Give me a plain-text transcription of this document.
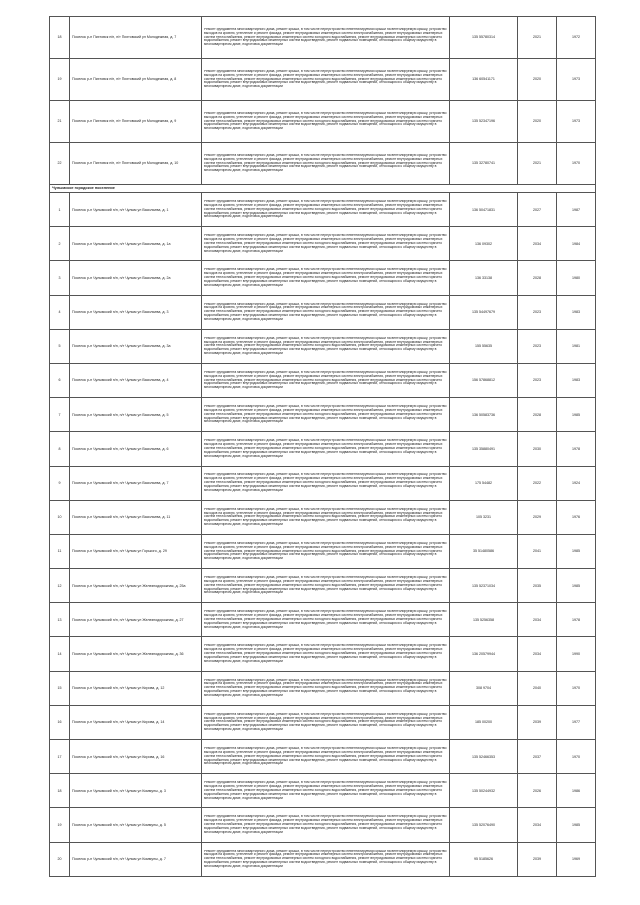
18	Поселок р-н Пихтовск п/п, п/т Пихтовский ул Молодежная, д. 7	Ремонт фундамента многоквартирного дома, ремонт крыши, в том числе переустройство невентилируемой крыши на вентилируемую крышу, устройство выходов на кровлю, утепление и ремонт фасада, ремонт внутридомовых инженерных систем электроснабжения, ремонт внутридомовых инженерных систем теплоснабжения, ремонт внутридомовых инженерных систем холодного водоснабжения, ремонт внутридомовых инженерных систем горячего водоснабжения, ремонт внутридомовых инженерных систем водоотведения, ремонт подвальных помещений, относящихся к общему имуществу в многоквартирном доме, подготовка документации	135 55780314	2021	1972
19	Поселок р-н Пихтовск п/п, п/т Пихтовский ул Молодежная, д. 8	Ремонт фундамента многоквартирного дома, ремонт крыши, в том числе переустройство невентилируемой крыши на вентилируемую крышу, устройство выходов на кровлю, утепление и ремонт фасада, ремонт внутридомовых инженерных систем электроснабжения, ремонт внутридомовых инженерных систем теплоснабжения, ремонт внутридомовых инженерных систем холодного водоснабжения, ремонт внутридомовых инженерных систем горячего водоснабжения, ремонт внутридомовых инженерных систем водоотведения, ремонт подвальных помещений, относящихся к общему имуществу в многоквартирном доме, подготовка документации	136 60541171	2020	1973
21	Поселок р-н Пихтовск п/п, п/т Пихтовский ул Молодежная, д. 9	Ремонт фундамента многоквартирного дома, ремонт крыши, в том числе переустройство невентилируемой крыши на вентилируемую крышу, устройство выходов на кровлю, утепление и ремонт фасада, ремонт внутридомовых инженерных систем электроснабжения, ремонт внутридомовых инженерных систем теплоснабжения, ремонт внутридомовых инженерных систем холодного водоснабжения, ремонт внутридомовых инженерных систем горячего водоснабжения, ремонт внутридомовых инженерных систем водоотведения, ремонт подвальных помещений, относящихся к общему имуществу в многоквартирном доме, подготовка документации	135 52347196	2020	1973
22	Поселок р-н Пихтовск п/п, п/т Пихтовский ул Молодежная, д. 10	Ремонт фундамента многоквартирного дома, ремонт крыши, в том числе переустройство невентилируемой крыши на вентилируемую крышу, устройство выходов на кровлю, утепление и ремонт фасада, ремонт внутридомовых инженерных систем электроснабжения, ремонт внутридомовых инженерных систем теплоснабжения, ремонт внутридомовых инженерных систем холодного водоснабжения, ремонт внутридомовых инженерных систем горячего водоснабжения, ремонт внутридомовых инженерных систем водоотведения, ремонт подвальных помещений, относящихся к общему имуществу в многоквартирном доме, подготовка документации	135 32780741	2021	1970
Чулымское городское поселение					
1	Поселок р-н Чулымский п/п, п/т Чулым ул Васильева, д. 1	Ремонт фундамента многоквартирного дома, ремонт крыши, в том числе переустройство невентилируемой крыши на вентилируемую крышу, устройство выходов на кровлю, утепление и ремонт фасада, ремонт внутридомовых инженерных систем электроснабжения, ремонт внутридомовых инженерных систем теплоснабжения, ремонт внутридомовых инженерных систем холодного водоснабжения, ремонт внутридомовых инженерных систем горячего водоснабжения, ремонт внутридомовых инженерных систем водоотведения, ремонт подвальных помещений, относящихся к общему имуществу в многоквартирном доме, подготовка документации	136 50471831	2027	1987
2	Поселок р-н Чулымский п/п, п/т Чулым ул Васильева, д. 1а	Ремонт фундамента многоквартирного дома, ремонт крыши, в том числе переустройство невентилируемой крыши на вентилируемую крышу, устройство выходов на кровлю, утепление и ремонт фасада, ремонт внутридомовых инженерных систем электроснабжения, ремонт внутридомовых инженерных систем теплоснабжения, ремонт внутридомовых инженерных систем холодного водоснабжения, ремонт внутридомовых инженерных систем горячего водоснабжения, ремонт внутридомовых инженерных систем водоотведения, ремонт подвальных помещений, относящихся к общему имуществу в многоквартирном доме, подготовка документации	136 09302	2034	1984
3	Поселок р-н Чулымский п/п, п/т Чулым ул Васильева, д. 2а	Ремонт фундамента многоквартирного дома, ремонт крыши, в том числе переустройство невентилируемой крыши на вентилируемую крышу, устройство выходов на кровлю, утепление и ремонт фасада, ремонт внутридомовых инженерных систем электроснабжения, ремонт внутридомовых инженерных систем теплоснабжения, ремонт внутридомовых инженерных систем холодного водоснабжения, ремонт внутридомовых инженерных систем горячего водоснабжения, ремонт внутридомовых инженерных систем водоотведения, ремонт подвальных помещений, относящихся к общему имуществу в многоквартирном доме, подготовка документации	136 33138	2028	1980
4	Поселок р-н Чулымский п/п, п/т Чулым ул Васильева, д. 3	Ремонт фундамента многоквартирного дома, ремонт крыши, в том числе переустройство невентилируемой крыши на вентилируемую крышу, устройство выходов на кровлю, утепление и ремонт фасада, ремонт внутридомовых инженерных систем электроснабжения, ремонт внутридомовых инженерных систем теплоснабжения, ремонт внутридомовых инженерных систем холодного водоснабжения, ремонт внутридомовых инженерных систем горячего водоснабжения, ремонт внутридомовых инженерных систем водоотведения, ремонт подвальных помещений, относящихся к общему имуществу в многоквартирном доме, подготовка документации	135 54497679	2023	1983
5	Поселок р-н Чулымский п/п, п/т Чулым ул Васильева, д. 3а	Ремонт фундамента многоквартирного дома, ремонт крыши, в том числе переустройство невентилируемой крыши на вентилируемую крышу, устройство выходов на кровлю, утепление и ремонт фасада, ремонт внутридомовых инженерных систем электроснабжения, ремонт внутридомовых инженерных систем теплоснабжения, ремонт внутридомовых инженерных систем холодного водоснабжения, ремонт внутридомовых инженерных систем горячего водоснабжения, ремонт внутридомовых инженерных систем водоотведения, ремонт подвальных помещений, относящихся к общему имуществу в многоквартирном доме, подготовка документации	155 55635	2023	1981
6	Поселок р-н Чулымский п/п, п/т Чулым ул Васильева, д. 4	Ремонт фундамента многоквартирного дома, ремонт крыши, в том числе переустройство невентилируемой крыши на вентилируемую крышу, устройство выходов на кровлю, утепление и ремонт фасада, ремонт внутридомовых инженерных систем электроснабжения, ремонт внутридомовых инженерных систем теплоснабжения, ремонт внутридомовых инженерных систем холодного водоснабжения, ремонт внутридомовых инженерных систем горячего водоснабжения, ремонт внутридомовых инженерных систем водоотведения, ремонт подвальных помещений, относящихся к общему имуществу в многоквартирном доме, подготовка документации	156 57868812	2023	1983
7	Поселок р-н Чулымский п/п, п/т Чулым ул Васильева, д. 5	Ремонт фундамента многоквартирного дома, ремонт крыши, в том числе переустройство невентилируемой крыши на вентилируемую крышу, устройство выходов на кровлю, утепление и ремонт фасада, ремонт внутридомовых инженерных систем электроснабжения, ремонт внутридомовых инженерных систем теплоснабжения, ремонт внутридомовых инженерных систем холодного водоснабжения, ремонт внутридомовых инженерных систем горячего водоснабжения, ремонт внутридомовых инженерных систем водоотведения, ремонт подвальных помещений, относящихся к общему имуществу в многоквартирном доме, подготовка документации	136 50583736	2028	1985
8	Поселок р-н Чулымский п/п, п/т Чулым ул Васильева, д. 6	Ремонт фундамента многоквартирного дома, ремонт крыши, в том числе переустройство невентилируемой крыши на вентилируемую крышу, устройство выходов на кровлю, утепление и ремонт фасада, ремонт внутридомовых инженерных систем электроснабжения, ремонт внутридомовых инженерных систем теплоснабжения, ремонт внутридомовых инженерных систем холодного водоснабжения, ремонт внутридомовых инженерных систем горячего водоснабжения, ремонт внутридомовых инженерных систем водоотведения, ремонт подвальных помещений, относящихся к общему имуществу в многоквартирном доме, подготовка документации	135 35880491	2030	1978
9	Поселок р-н Чулымский п/п, п/т Чулым ул Васильева, д. 7	Ремонт фундамента многоквартирного дома, ремонт крыши, в том числе переустройство невентилируемой крыши на вентилируемую крышу, устройство выходов на кровлю, утепление и ремонт фасада, ремонт внутридомовых инженерных систем электроснабжения, ремонт внутридомовых инженерных систем теплоснабжения, ремонт внутридомовых инженерных систем холодного водоснабжения, ремонт внутридомовых инженерных систем горячего водоснабжения, ремонт внутридомовых инженерных систем водоотведения, ремонт подвальных помещений, относящихся к общему имуществу в многоквартирном доме, подготовка документации	175 54482	2022	1924
10	Поселок р-н Чулымский п/п, п/т Чулым ул Васильева, д. 11	Ремонт фундамента многоквартирного дома, ремонт крыши, в том числе переустройство невентилируемой крыши на вентилируемую крышу, устройство выходов на кровлю, утепление и ремонт фасада, ремонт внутридомовых инженерных систем электроснабжения, ремонт внутридомовых инженерных систем теплоснабжения, ремонт внутридомовых инженерных систем холодного водоснабжения, ремонт внутридомовых инженерных систем горячего водоснабжения, ремонт внутридомовых инженерных систем водоотведения, ремонт подвальных помещений, относящихся к общему имуществу в многоквартирном доме, подготовка документации	105 3231	2029	1976
11	Поселок р-н Чулымский п/п, п/т Чулым ул Горького, д. 29	Ремонт фундамента многоквартирного дома, ремонт крыши, в том числе переустройство невентилируемой крыши на вентилируемую крышу, устройство выходов на кровлю, утепление и ремонт фасада, ремонт внутридомовых инженерных систем электроснабжения, ремонт внутридомовых инженерных систем теплоснабжения, ремонт внутридомовых инженерных систем холодного водоснабжения, ремонт внутридомовых инженерных систем горячего водоснабжения, ремонт внутридомовых инженерных систем водоотведения, ремонт подвальных помещений, относящихся к общему имуществу в многоквартирном доме, подготовка документации	35 51480586	2041	1985
12	Поселок р-н Чулымский п/п, п/т Чулым ул Железнодорожная, д. 25а	Ремонт фундамента многоквартирного дома, ремонт крыши, в том числе переустройство невентилируемой крыши на вентилируемую крышу, устройство выходов на кровлю, утепление и ремонт фасада, ремонт внутридомовых инженерных систем электроснабжения, ремонт внутридомовых инженерных систем теплоснабжения, ремонт внутридомовых инженерных систем холодного водоснабжения, ремонт внутридомовых инженерных систем горячего водоснабжения, ремонт внутридомовых инженерных систем водоотведения, ремонт подвальных помещений, относящихся к общему имуществу в многоквартирном доме, подготовка документации	135 52371034	2035	1985
13	Поселок р-н Чулымский п/п, п/т Чулым ул Железнодорожная, д. 27	Ремонт фундамента многоквартирного дома, ремонт крыши, в том числе переустройство невентилируемой крыши на вентилируемую крышу, устройство выходов на кровлю, утепление и ремонт фасада, ремонт внутридомовых инженерных систем электроснабжения, ремонт внутридомовых инженерных систем теплоснабжения, ремонт внутридомовых инженерных систем холодного водоснабжения, ремонт внутридомовых инженерных систем горячего водоснабжения, ремонт внутридомовых инженерных систем водоотведения, ремонт подвальных помещений, относящихся к общему имуществу в многоквартирном доме, подготовка документации	135 5256358	2034	1978
14	Поселок р-н Чулымский п/п, п/т Чулым ул Железнодорожная, д. 36	Ремонт фундамента многоквартирного дома, ремонт крыши, в том числе переустройство невентилируемой крыши на вентилируемую крышу, устройство выходов на кровлю, утепление и ремонт фасада, ремонт внутридомовых инженерных систем электроснабжения, ремонт внутридомовых инженерных систем теплоснабжения, ремонт внутридомовых инженерных систем холодного водоснабжения, ремонт внутридомовых инженерных систем горячего водоснабжения, ремонт внутридомовых инженерных систем водоотведения, ремонт подвальных помещений, относящихся к общему имуществу в многоквартирном доме, подготовка документации	136 20579944	2034	1990
15	Поселок р-н Чулымский п/п, п/т Чулым ул Кирова, д. 12	Ремонт фундамента многоквартирного дома, ремонт крыши, в том числе переустройство невентилируемой крыши на вентилируемую крышу, устройство выходов на кровлю, утепление и ремонт фасада, ремонт внутридомовых инженерных систем электроснабжения, ремонт внутридомовых инженерных систем теплоснабжения, ремонт внутридомовых инженерных систем холодного водоснабжения, ремонт внутридомовых инженерных систем горячего водоснабжения, ремонт внутридомовых инженерных систем водоотведения, ремонт подвальных помещений, относящихся к общему имуществу в многоквартирном доме, подготовка документации	308 9704	2040	1970
16	Поселок р-н Чулымский п/п, п/т Чулым ул Кирова, д. 14	Ремонт фундамента многоквартирного дома, ремонт крыши, в том числе переустройство невентилируемой крыши на вентилируемую крышу, устройство выходов на кровлю, утепление и ремонт фасада, ремонт внутридомовых инженерных систем электроснабжения, ремонт внутридомовых инженерных систем теплоснабжения, ремонт внутридомовых инженерных систем холодного водоснабжения, ремонт внутридомовых инженерных систем горячего водоснабжения, ремонт внутридомовых инженерных систем водоотведения, ремонт подвальных помещений, относящихся к общему имуществу в многоквартирном доме, подготовка документации	185 00200	2039	1977
17	Поселок р-н Чулымский п/п, п/т Чулым ул Кирова, д. 16	Ремонт фундамента многоквартирного дома, ремонт крыши, в том числе переустройство невентилируемой крыши на вентилируемую крышу, устройство выходов на кровлю, утепление и ремонт фасада, ремонт внутридомовых инженерных систем электроснабжения, ремонт внутридомовых инженерных систем теплоснабжения, ремонт внутридомовых инженерных систем холодного водоснабжения, ремонт внутридомовых инженерных систем горячего водоснабжения, ремонт внутридомовых инженерных систем водоотведения, ремонт подвальных помещений, относящихся к общему имуществу в многоквартирном доме, подготовка документации	135 52466353	2037	1970
18	Поселок р-н Чулымский п/п, п/т Чулым ул Коммуны, д. 3	Ремонт фундамента многоквартирного дома, ремонт крыши, в том числе переустройство невентилируемой крыши на вентилируемую крышу, устройство выходов на кровлю, утепление и ремонт фасада, ремонт внутридомовых инженерных систем электроснабжения, ремонт внутридомовых инженерных систем теплоснабжения, ремонт внутридомовых инженерных систем холодного водоснабжения, ремонт внутридомовых инженерных систем горячего водоснабжения, ремонт внутридомовых инженерных систем водоотведения, ремонт подвальных помещений, относящихся к общему имуществу в многоквартирном доме, подготовка документации	135 50244932	2026	1986
19	Поселок р-н Чулымский п/п, п/т Чулым ул Коммуны, д. 5	Ремонт фундамента многоквартирного дома, ремонт крыши, в том числе переустройство невентилируемой крыши на вентилируемую крышу, устройство выходов на кровлю, утепление и ремонт фасада, ремонт внутридомовых инженерных систем электроснабжения, ремонт внутридомовых инженерных систем теплоснабжения, ремонт внутридомовых инженерных систем холодного водоснабжения, ремонт внутридомовых инженерных систем горячего водоснабжения, ремонт внутридомовых инженерных систем водоотведения, ремонт подвальных помещений, относящихся к общему имуществу в многоквартирном доме, подготовка документации	135 52076490	2034	1985
20	Поселок р-н Чулымский п/п, п/т Чулым ул Коммуны, д. 7	Ремонт фундамента многоквартирного дома, ремонт крыши, в том числе переустройство невентилируемой крыши на вентилируемую крышу, устройство выходов на кровлю, утепление и ремонт фасада, ремонт внутридомовых инженерных систем электроснабжения, ремонт внутридомовых инженерных систем теплоснабжения, ремонт внутридомовых инженерных систем холодного водоснабжения, ремонт внутридомовых инженерных систем горячего водоснабжения, ремонт внутридомовых инженерных систем водоотведения, ремонт подвальных помещений, относящихся к общему имуществу в многоквартирном доме, подготовка документации	95 5185626	2039	1969
